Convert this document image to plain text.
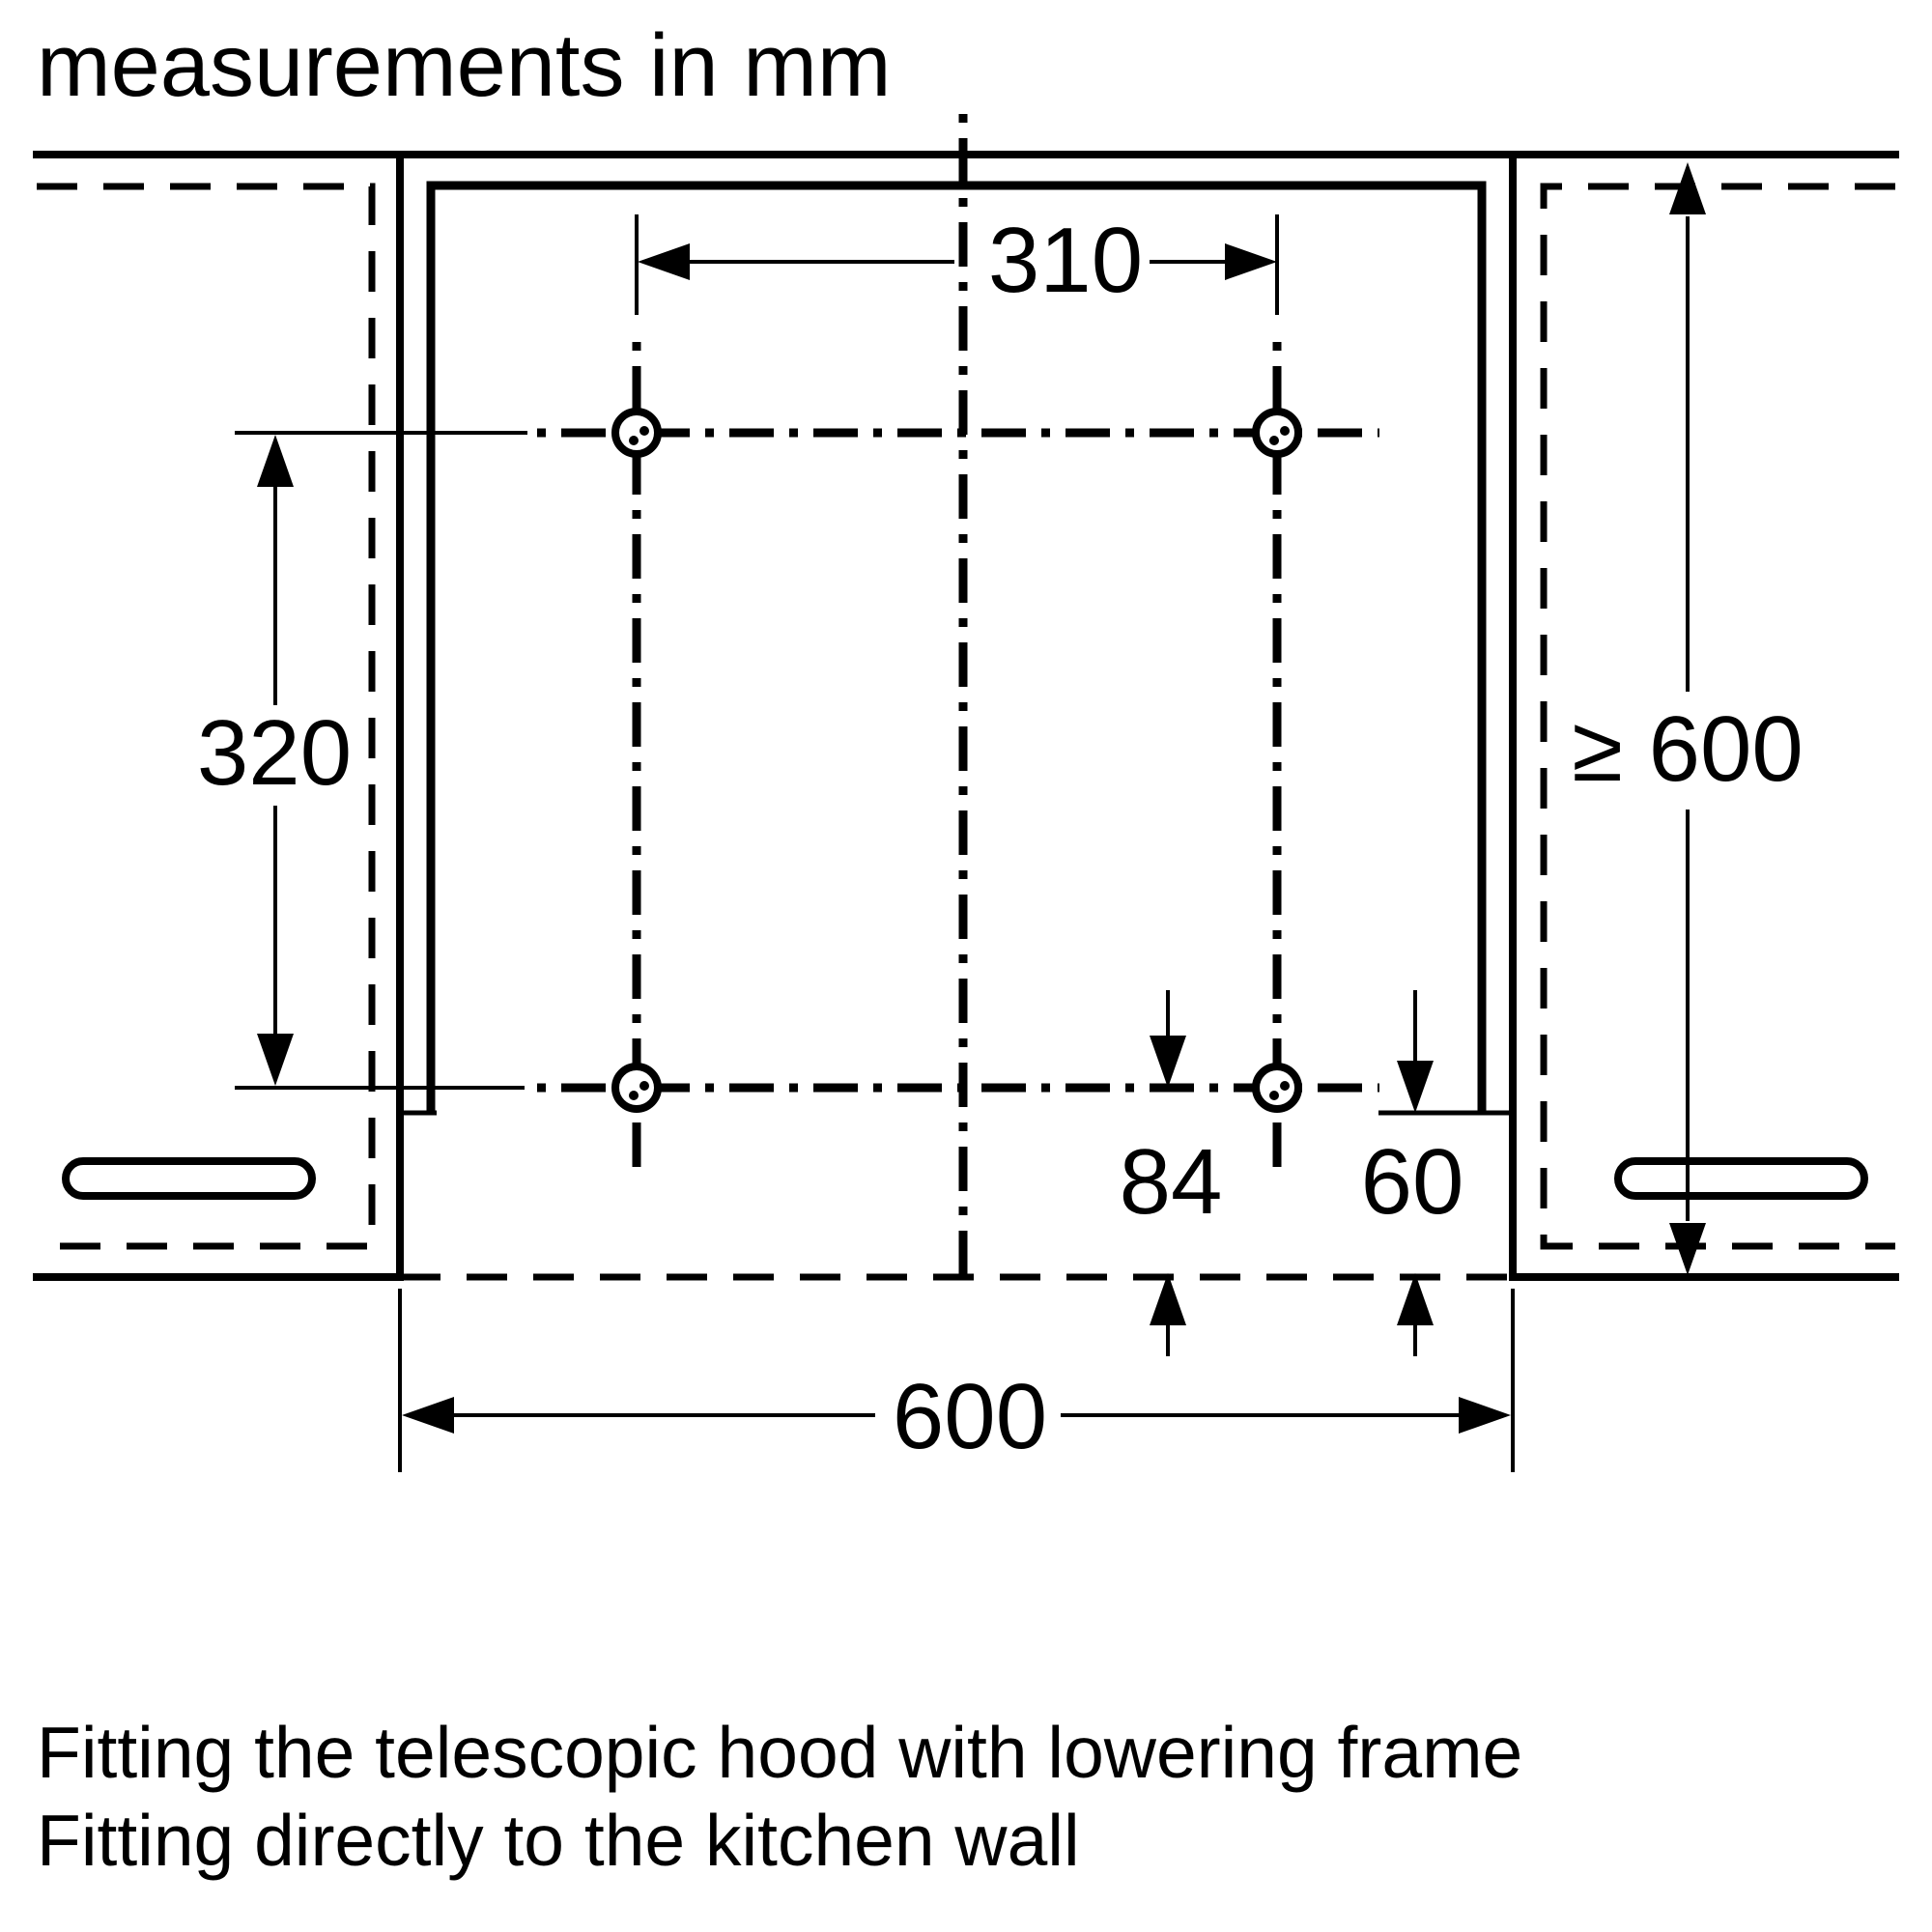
measurements in mm
310
320	≥ 600
84 60
600
Fitting the telescopic hood with lowering frame
Fitting directly to the kitchen wall
